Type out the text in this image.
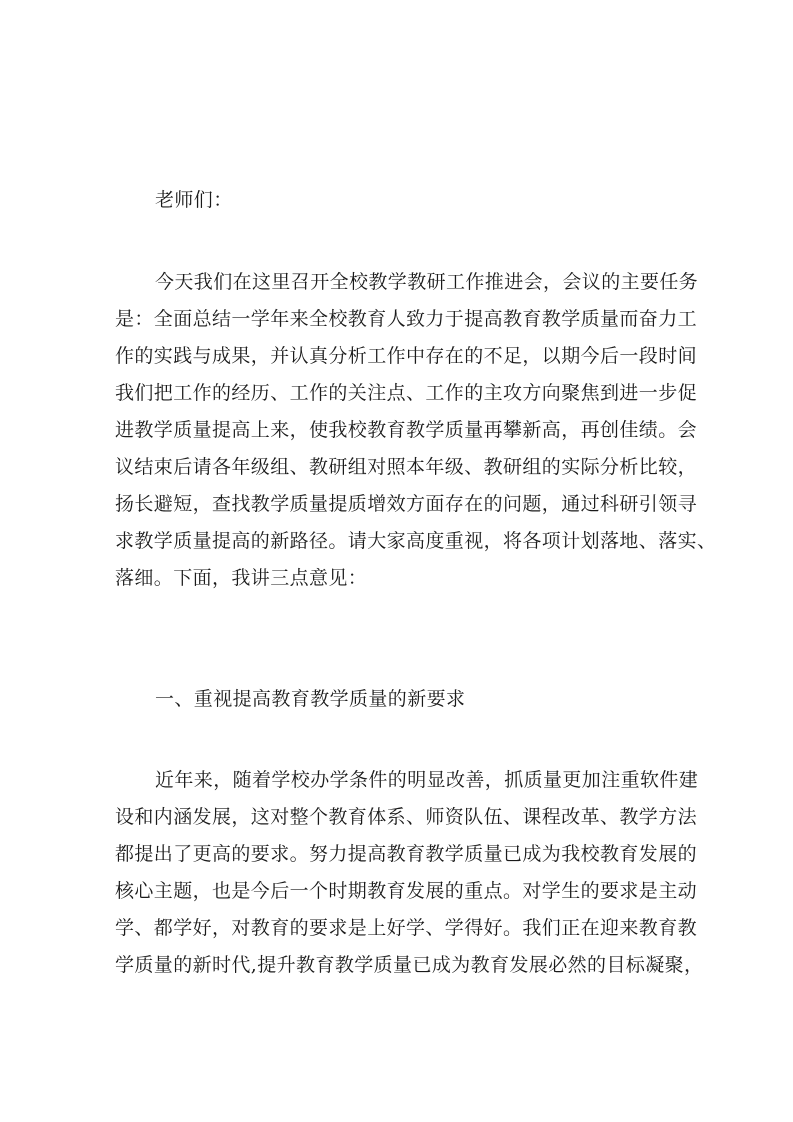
老师们：
今天我们在这里召开全校教学教研工作推进会，会议的主要任务
是：全面总结一学年来全校教育人致力于提高教育教学质量而奋力工
作的实践与成果，并认真分析工作中存在的不足，以期今后一段时间
我们把工作的经历、工作的关注点、工作的主攻方向聚焦到进一步促
进教学质量提高上来，使我校教育教学质量再攀新高，再创佳绩。会
议结束后请各年级组、教研组对照本年级、教研组的实际分析比较，
扬长避短，查找教学质量提质增效方面存在的问题，通过科研引领寻
求教学质量提高的新路径。请大家高度重视，将各项计划落地、落实、
落细。下面，我讲三点意见：
一、重视提高教育教学质量的新要求
近年来，随着学校办学条件的明显改善，抓质量更加注重软件建
设和内涵发展，这对整个教育体系、师资队伍、课程改革、教学方法
都提出了更高的要求。努力提高教育教学质量已成为我校教育发展的
核心主题，也是今后一个时期教育发展的重点。对学生的要求是主动
学、都学好，对教育的要求是上好学、学得好。我们正在迎来教育教
学质量的新时代,提升教育教学质量已成为教育发展必然的目标凝聚，
